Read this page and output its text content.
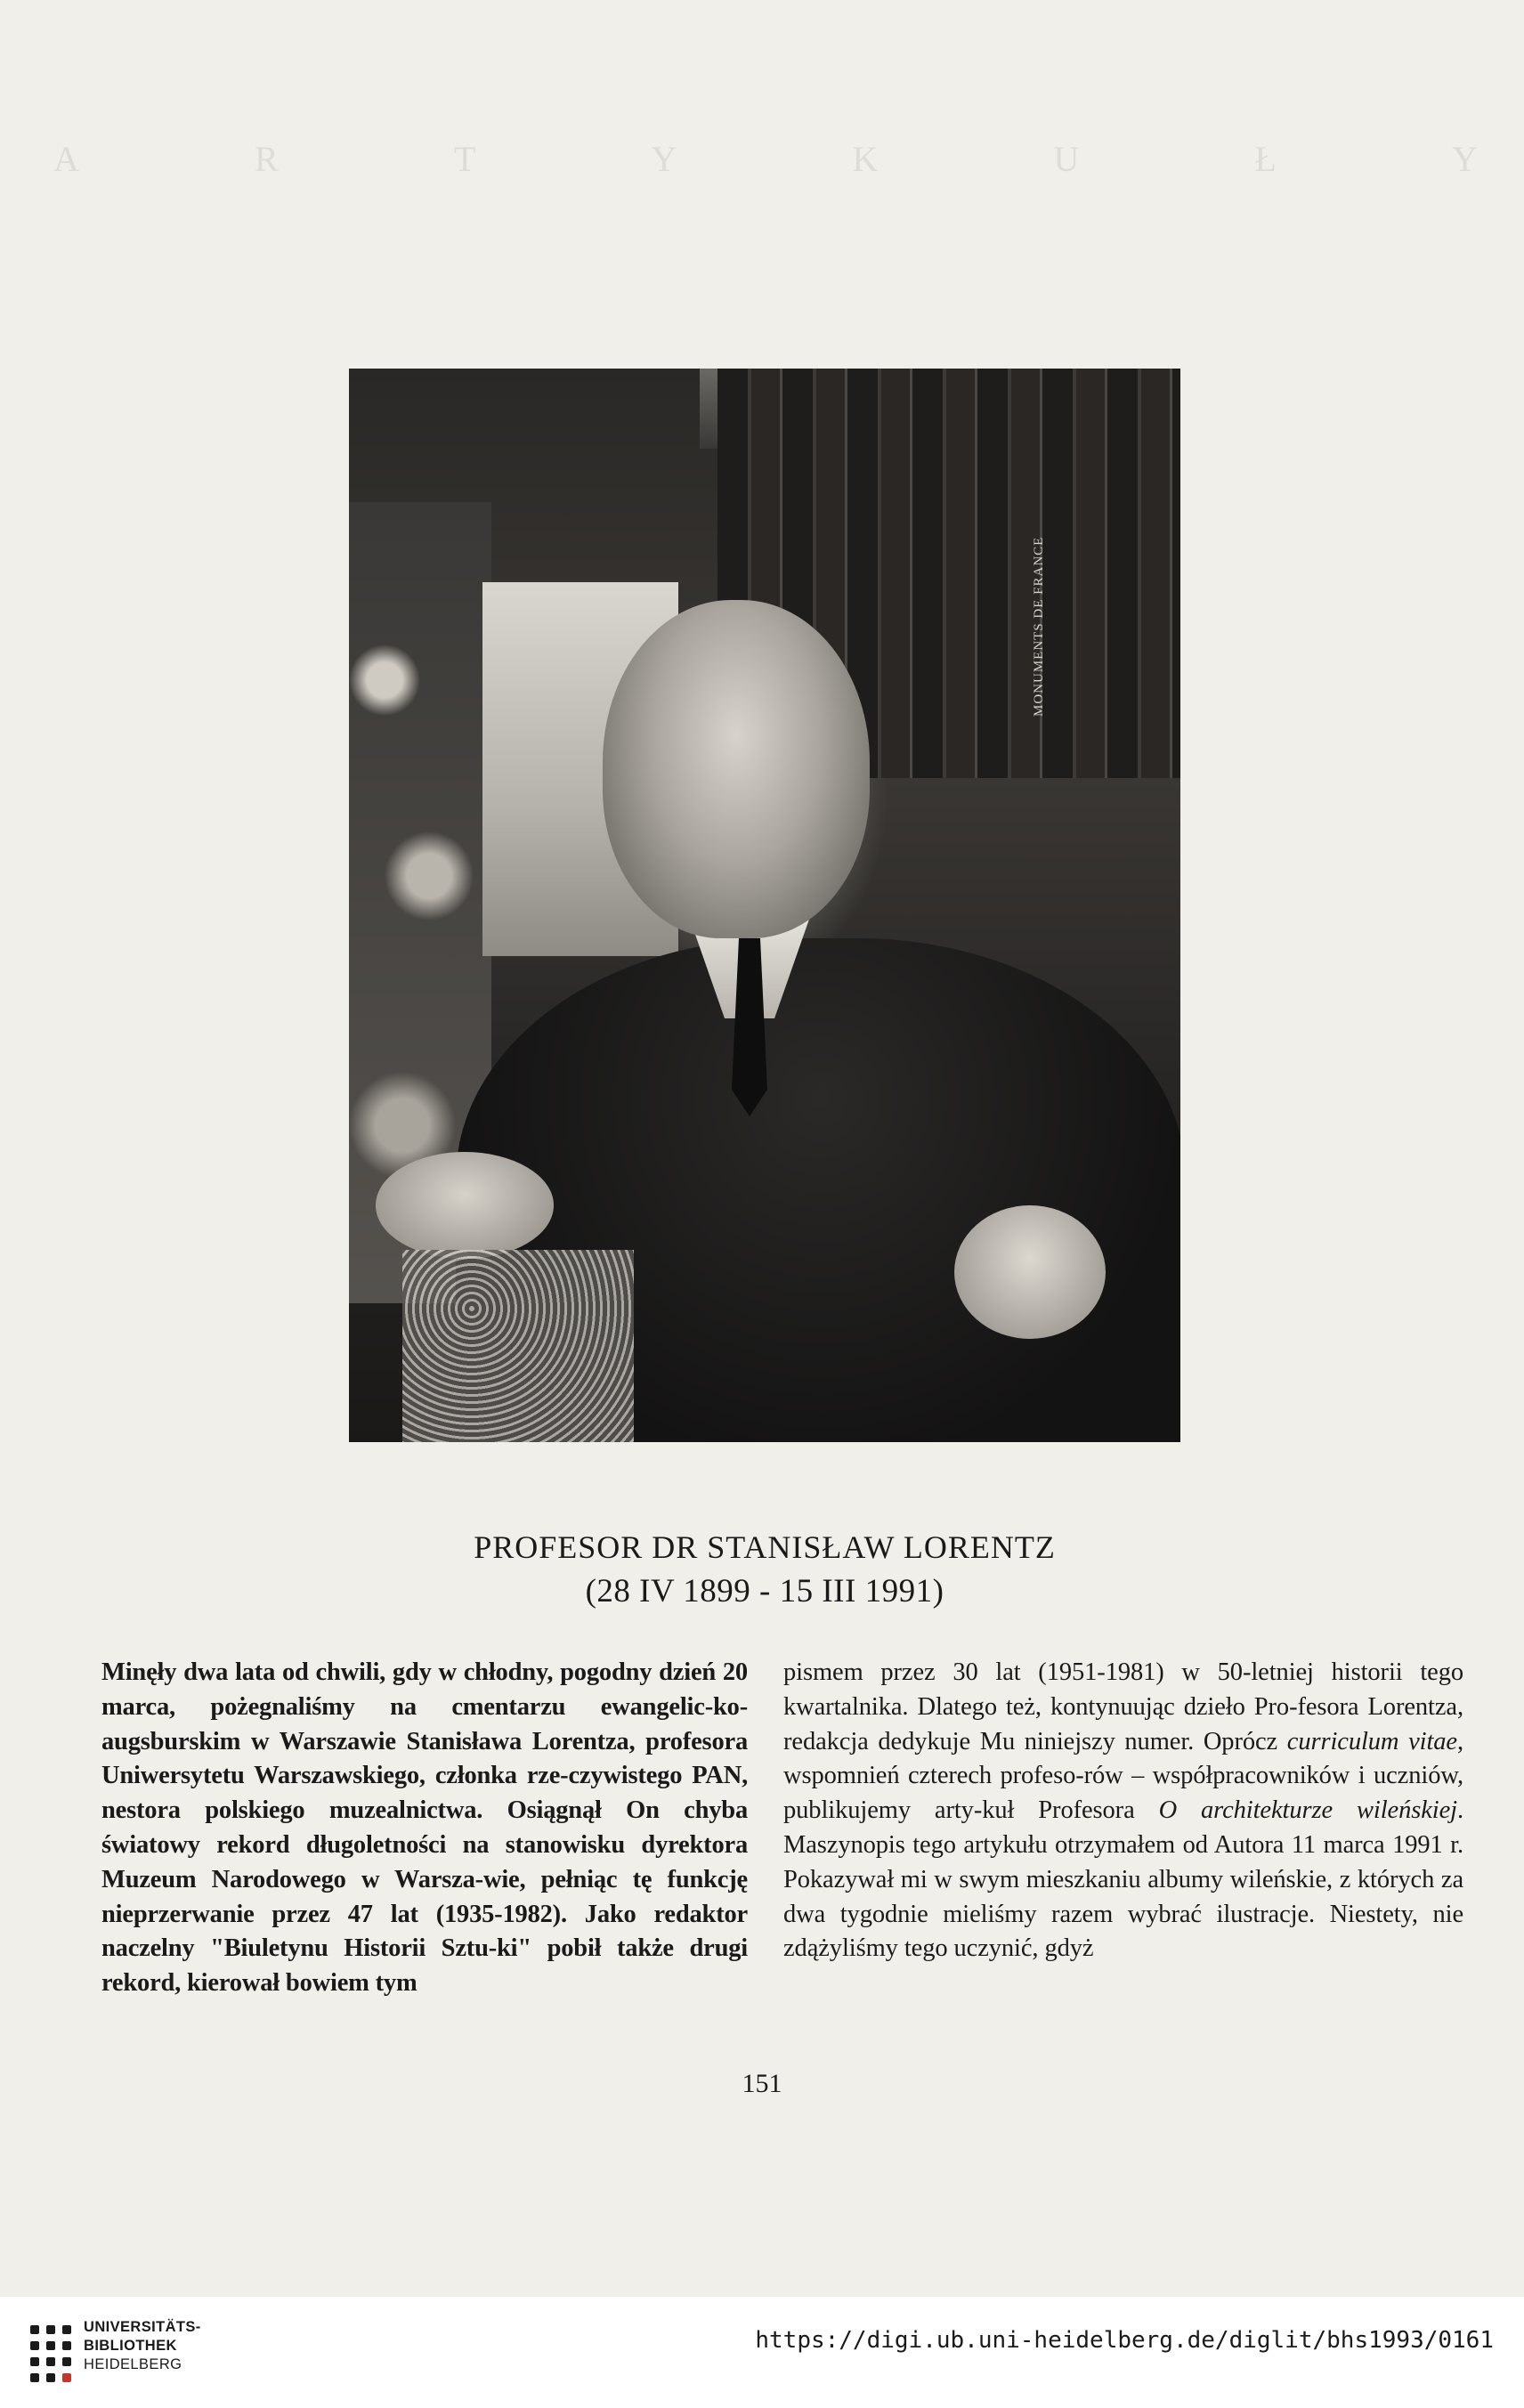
A	R	T	Y	K	U	Ł	Y
MONUMENTS DE FRANCE
PROFESOR DR STANISŁAW LORENTZ
(28 IV 1899 - 15 III 1991)

Minęły dwa lata od chwili, gdy w chłodny, pogodny dzień 20 marca, pożegnaliśmy na cmentarzu ewangelic-ko-augsburskim w Warszawie Stanisława Lorentza, profesora Uniwersytetu Warszawskiego, członka rze-czywistego PAN, nestora polskiego muzealnictwa. Osiągnął On chyba światowy rekord długoletności na stanowisku dyrektora Muzeum Narodowego w Warsza-wie, pełniąc tę funkcję nieprzerwanie przez 47 lat (1935-1982). Jako redaktor naczelny "Biuletynu Historii Sztu-ki" pobił także drugi rekord, kierował bowiem tym

pismem przez 30 lat (1951-1981) w 50-letniej historii tego kwartalnika. Dlatego też, kontynuując dzieło Pro-fesora Lorentza, redakcja dedykuje Mu niniejszy numer. Oprócz curriculum vitae, wspomnień czterech profeso-rów – współpracowników i uczniów, publikujemy arty-kuł Profesora O architekturze wileńskiej. Maszynopis tego artykułu otrzymałem od Autora 11 marca 1991 r. Pokazywał mi w swym mieszkaniu albumy wileńskie, z których za dwa tygodnie mieliśmy razem wybrać ilustracje. Niestety, nie zdążyliśmy tego uczynić, gdyż

151
UNIVERSITÄTS-
BIBLIOTHEK
HEIDELBERG
https://digi.ub.uni-heidelberg.de/diglit/bhs1993/0161
